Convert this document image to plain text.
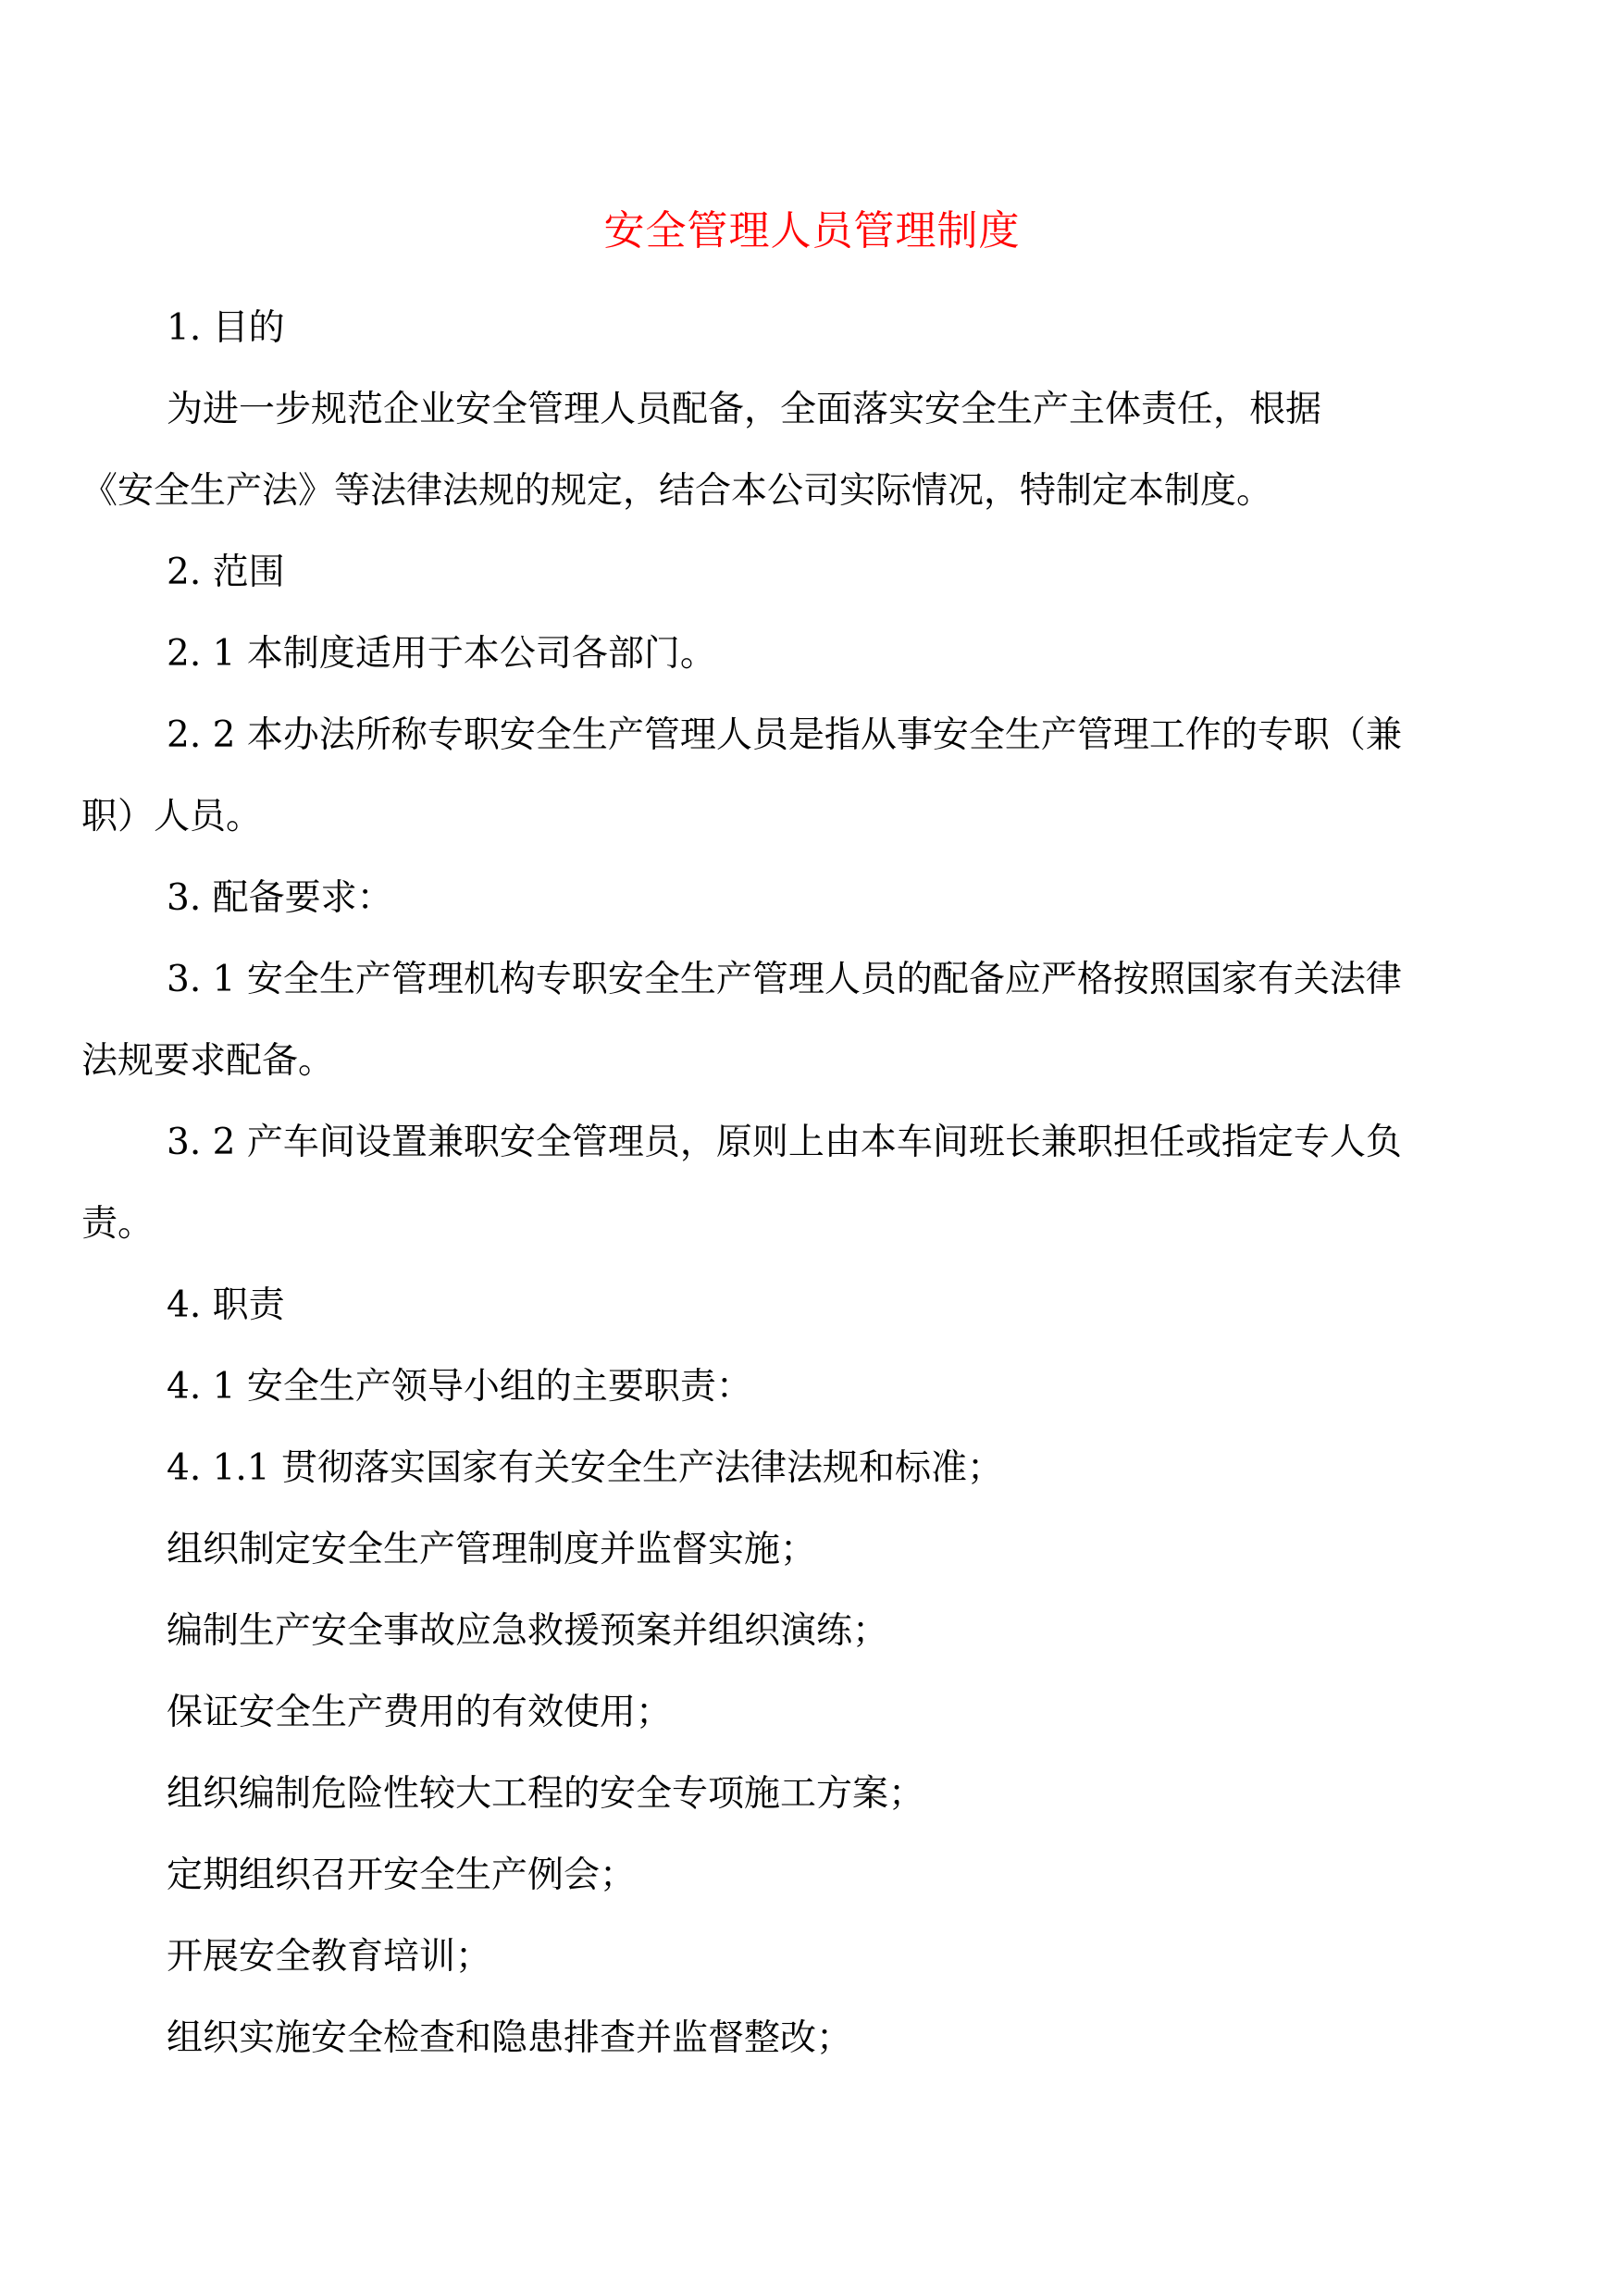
安全管理人员管理制度

1. 目的

为进一步规范企业安全管理人员配备，全面落实安全生产主体责任，根据

《安全生产法》等法律法规的规定，结合本公司实际情况，特制定本制度。

2. 范围

2. 1 本制度适用于本公司各部门。

2. 2 本办法所称专职安全生产管理人员是指从事安全生产管理工作的专职（兼

职）人员。

3. 配备要求：

3. 1 安全生产管理机构专职安全生产管理人员的配备应严格按照国家有关法律

法规要求配备。

3. 2 产车间设置兼职安全管理员，原则上由本车间班长兼职担任或指定专人负

责。

4. 职责

4. 1 安全生产领导小组的主要职责：

4. 1.1 贯彻落实国家有关安全生产法律法规和标准；

组织制定安全生产管理制度并监督实施；

编制生产安全事故应急救援预案并组织演练；

保证安全生产费用的有效使用；

组织编制危险性较大工程的安全专项施工方案；

定期组织召开安全生产例会；

开展安全教育培训；

组织实施安全检查和隐患排查并监督整改；
